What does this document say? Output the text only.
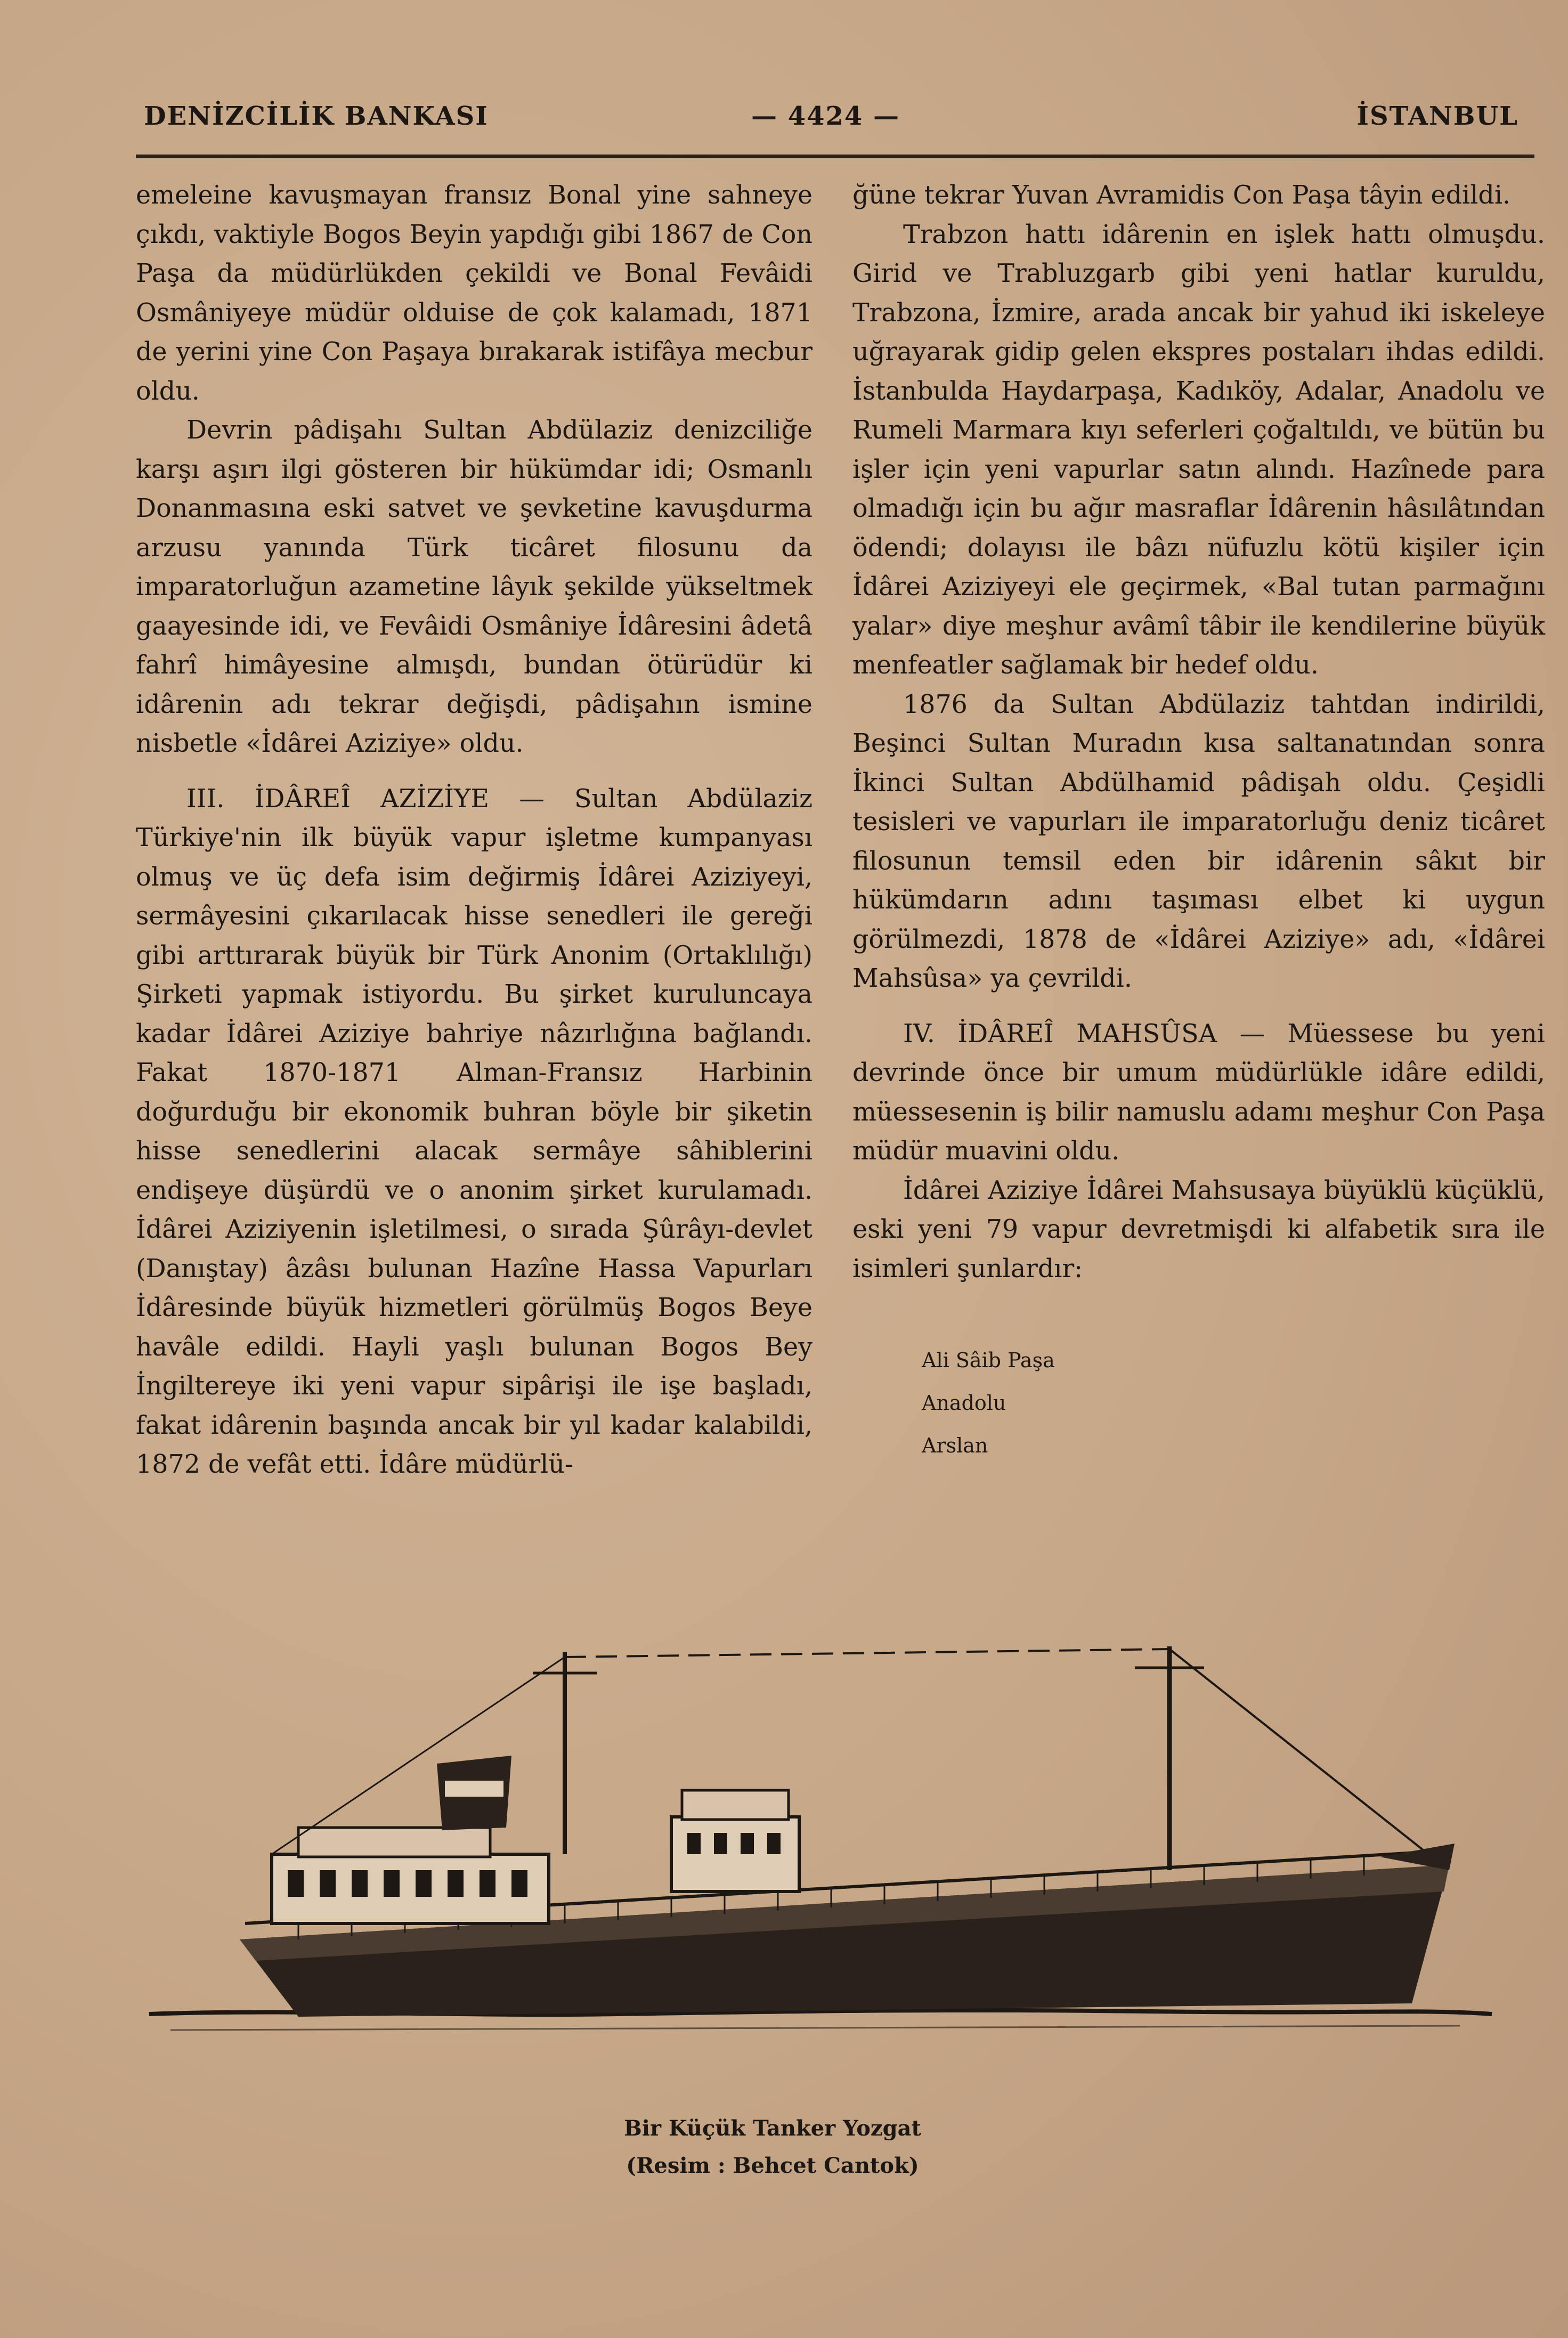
DENİZCİLİK BANKASI	— 4424 —	İSTANBUL

emeleine kavuşmayan fransız Bonal yine sahneye çıkdı, vaktiyle Bogos Beyin yapdığı gibi 1867 de Con Paşa da müdürlükden çekildi ve Bonal Fevâidi Osmâniyeye müdür olduise de çok kalamadı, 1871 de yerini yine Con Paşaya bırakarak istifâya mecbur oldu.

Devrin pâdişahı Sultan Abdülaziz denizciliğe karşı aşırı ilgi gösteren bir hükümdar idi; Osmanlı Donanmasına eski satvet ve şevketine kavuşdurma arzusu yanında Türk ticâret filosunu da imparatorluğun azametine lâyık şekilde yükseltmek gaayesinde idi, ve Fevâidi Osmâniye İdâresini âdetâ fahrî himâyesine almışdı, bundan ötürüdür ki idârenin adı tekrar değişdi, pâdişahın ismine nisbetle «İdârei Aziziye» oldu.

III. İDÂREÎ AZİZİYE — Sultan Abdülaziz Türkiye'nin ilk büyük vapur işletme kumpanyası olmuş ve üç defa isim değirmiş İdârei Aziziyeyi, sermâyesini çıkarılacak hisse senedleri ile gereği gibi arttırarak büyük bir Türk Anonim (Ortaklılığı) Şirketi yapmak istiyordu. Bu şirket kuruluncaya kadar İdârei Aziziye bahriye nâzırlığına bağlandı. Fakat 1870-1871 Alman-Fransız Harbinin doğurduğu bir ekonomik buhran böyle bir şiketin hisse senedlerini alacak sermâye sâhiblerini endişeye düşürdü ve o anonim şirket kurulamadı. İdârei Aziziyenin işletilmesi, o sırada Şûrâyı-devlet (Danıştay) âzâsı bulunan Hazîne Hassa Vapurları İdâresinde büyük hizmetleri görülmüş Bogos Beye havâle edildi. Hayli yaşlı bulunan Bogos Bey İngiltereye iki yeni vapur sipârişi ile işe başladı, fakat idârenin başında ancak bir yıl kadar kalabildi, 1872 de vefât etti. İdâre müdürlü-

ğüne tekrar Yuvan Avramidis Con Paşa tâyin edildi.

Trabzon hattı idârenin en işlek hattı olmuşdu. Girid ve Trabluzgarb gibi yeni hatlar kuruldu, Trabzona, İzmire, arada ancak bir yahud iki iskeleye uğrayarak gidip gelen ekspres postaları ihdas edildi. İstanbulda Haydarpaşa, Kadıköy, Adalar, Anadolu ve Rumeli Marmara kıyı seferleri çoğaltıldı, ve bütün bu işler için yeni vapurlar satın alındı. Hazînede para olmadığı için bu ağır masraflar İdârenin hâsılâtından ödendi; dolayısı ile bâzı nüfuzlu kötü kişiler için İdârei Aziziyeyi ele geçirmek, «Bal tutan parmağını yalar» diye meşhur avâmî tâbir ile kendilerine büyük menfeatler sağlamak bir hedef oldu.

1876 da Sultan Abdülaziz tahtdan indirildi, Beşinci Sultan Muradın kısa saltanatından sonra İkinci Sultan Abdülhamid pâdişah oldu. Çeşidli tesisleri ve vapurları ile imparatorluğu deniz ticâret filosunun temsil eden bir idârenin sâkıt bir hükümdarın adını taşıması elbet ki uygun görülmezdi, 1878 de «İdârei Aziziye» adı, «İdârei Mahsûsa» ya çevrildi.

IV. İDÂREÎ MAHSÛSA — Müessese bu yeni devrinde önce bir umum müdürlükle idâre edildi, müessesenin iş bilir namuslu adamı meşhur Con Paşa müdür muavini oldu.

İdârei Aziziye İdârei Mahsusaya büyüklü küçüklü, eski yeni 79 vapur devretmişdi ki alfabetik sıra ile isimleri şunlardır:

Ali Sâib Paşa
Anadolu
Arslan
Bir Küçük Tanker Yozgat
(Resim : Behcet Cantok)
